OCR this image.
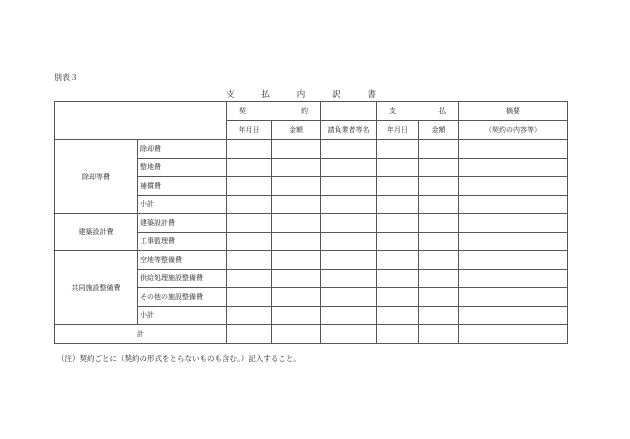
別表３
支	払	内	訳	書

		契 約			支 払		摘要
		年月日	金額	請負業者等名	年月日	金額	（契約の内容等）
除却等費	除却費						
	整地費						
	補償費						
	小計						
建築設計費	建築設計費						
	工事監理費						
共同施設整備費	空地等整備費						
	供給処理施設整備費						
	その他の施設整備費						
	小計						
計							
（注）契約ごとに（契約の形式をとらないものも含む。）記入すること。
